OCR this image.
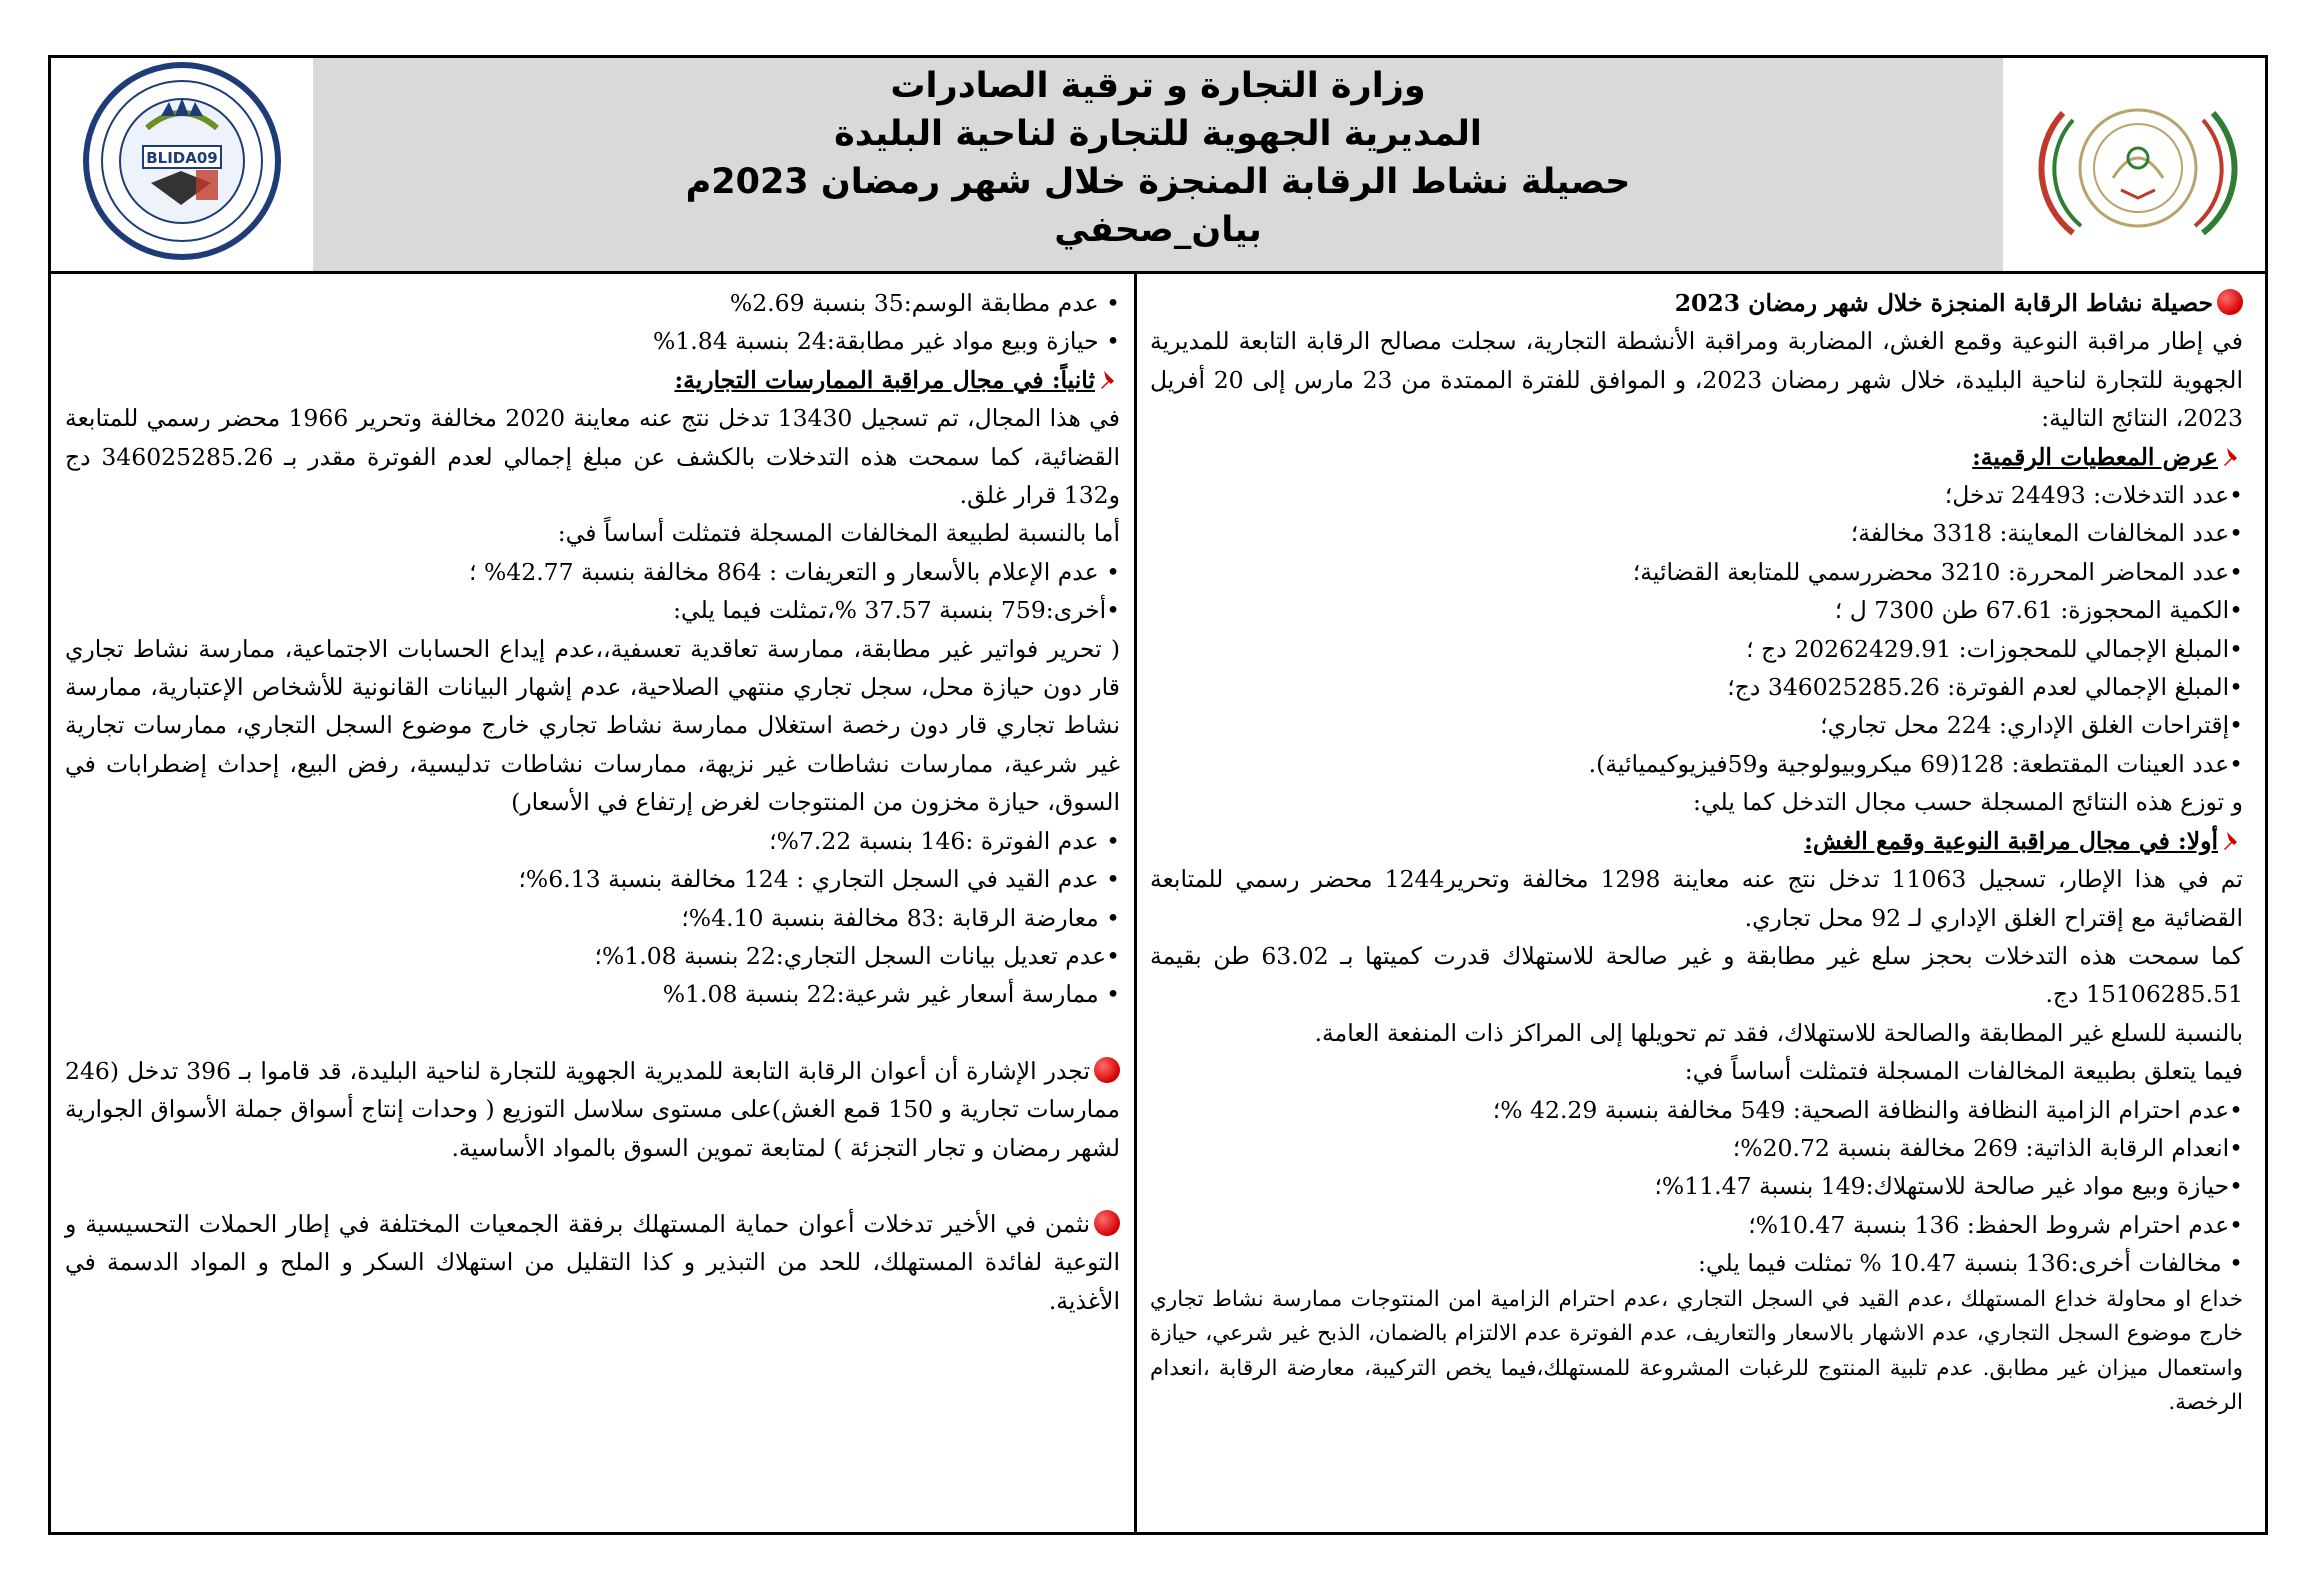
BLIDA09
وزارة التجارة و ترقية الصادرات
المديرية الجهوية للتجارة لناحية البليدة
حصيلة نشاط الرقابة المنجزة خلال شهر رمضان 2023م
بيان_صحفي

حصيلة نشاط الرقابة المنجزة خلال شهر رمضان 2023

في إطار مراقبة النوعية وقمع الغش، المضاربة ومراقبة الأنشطة التجارية، سجلت مصالح الرقابة التابعة للمديرية الجهوية للتجارة لناحية البليدة، خلال شهر رمضان 2023، و الموافق للفترة الممتدة من 23 مارس إلى 20 أفريل 2023، النتائج التالية:

عرض المعطيات الرقمية:

•عدد التدخلات: 24493 تدخل؛

•عدد المخالفات المعاينة: 3318 مخالفة؛

•عدد المحاضر المحررة: 3210 محضررسمي للمتابعة القضائية؛

•الكمية المحجوزة: 67.61 طن 7300 ل ؛

•المبلغ الإجمالي للمحجوزات: 20262429.91 دج ؛

•المبلغ الإجمالي لعدم الفوترة: 346025285.26 دج؛

•إقتراحات الغلق الإداري: 224 محل تجاري؛

•عدد العينات المقتطعة: 128(69 ميكروبيولوجية و59فيزيوكيميائية).

و توزع هذه النتائج المسجلة حسب مجال التدخل كما يلي:

أولا: في مجال مراقبة النوعية وقمع الغش:

تم في هذا الإطار، تسجيل 11063 تدخل نتج عنه معاينة 1298 مخالفة وتحرير1244 محضر رسمي للمتابعة القضائية مع إقتراح الغلق الإداري لـ 92 محل تجاري.

كما سمحت هذه التدخلات بحجز سلع غير مطابقة و غير صالحة للاستهلاك قدرت كميتها بـ 63.02 طن بقيمة 15106285.51 دج.

بالنسبة للسلع غير المطابقة والصالحة للاستهلاك، فقد تم تحويلها إلى المراكز ذات المنفعة العامة.

فيما يتعلق بطبيعة المخالفات المسجلة فتمثلت أساساً في:

•عدم احترام الزامية النظافة والنظافة الصحية: 549 مخالفة بنسبة 42.29 %؛

•انعدام الرقابة الذاتية: 269 مخالفة بنسبة 20.72%؛

•حيازة وبيع مواد غير صالحة للاستهلاك:149 بنسبة 11.47%؛

•عدم احترام شروط الحفظ: 136 بنسبة 10.47%؛

• مخالفات أخرى:136 بنسبة 10.47 % تمثلت فيما يلي:

خداع او محاولة خداع المستهلك ،عدم القيد في السجل التجاري ،عدم احترام الزامية امن المنتوجات ممارسة نشاط تجاري خارج موضوع السجل التجاري، عدم الاشهار بالاسعار والتعاريف، عدم الفوترة عدم الالتزام بالضمان، الذبح غير شرعي، حيازة واستعمال ميزان غير مطابق. عدم تلبية المنتوج للرغبات المشروعة للمستهلك،فيما يخص التركيبة، معارضة الرقابة ،انعدام الرخصة.

• عدم مطابقة الوسم:35 بنسبة 2.69%

• حيازة وبيع مواد غير مطابقة:24 بنسبة 1.84%

ثانياً: في مجال مراقبة الممارسات التجارية:

في هذا المجال، تم تسجيل 13430 تدخل نتج عنه معاينة 2020 مخالفة وتحرير 1966 محضر رسمي للمتابعة القضائية، كما سمحت هذه التدخلات بالكشف عن مبلغ إجمالي لعدم الفوترة مقدر بـ 346025285.26 دج و132 قرار غلق.

أما بالنسبة لطبيعة المخالفات المسجلة فتمثلت أساساً في:

• عدم الإعلام بالأسعار و التعريفات : 864 مخالفة بنسبة 42.77% ؛

•أخرى:759 بنسبة 37.57 %،تمثلت فيما يلي:

( تحرير فواتير غير مطابقة، ممارسة تعاقدية تعسفية،،عدم إيداع الحسابات الاجتماعية، ممارسة نشاط تجاري قار دون حيازة محل، سجل تجاري منتهي الصلاحية، عدم إشهار البيانات القانونية للأشخاص الإعتبارية، ممارسة نشاط تجاري قار دون رخصة استغلال ممارسة نشاط تجاري خارج موضوع السجل التجاري، ممارسات تجارية غير شرعية، ممارسات نشاطات غير نزيهة، ممارسات نشاطات تدليسية، رفض البيع، إحداث إضطرابات في السوق، حيازة مخزون من المنتوجات لغرض إرتفاع في الأسعار)

• عدم الفوترة :146 بنسبة 7.22%؛

• عدم القيد في السجل التجاري : 124 مخالفة بنسبة 6.13%؛

• معارضة الرقابة :83 مخالفة بنسبة 4.10%؛

•عدم تعديل بيانات السجل التجاري:22 بنسبة 1.08%؛

• ممارسة أسعار غير شرعية:22 بنسبة 1.08%

تجدر الإشارة أن أعوان الرقابة التابعة للمديرية الجهوية للتجارة لناحية البليدة، قد قاموا بـ 396 تدخل (246 ممارسات تجارية و 150 قمع الغش)على مستوى سلاسل التوزيع ( وحدات إنتاج أسواق جملة الأسواق الجوارية لشهر رمضان و تجار التجزئة ) لمتابعة تموين السوق بالمواد الأساسية.

نثمن في الأخير تدخلات أعوان حماية المستهلك برفقة الجمعيات المختلفة في إطار الحملات التحسيسية و التوعية لفائدة المستهلك، للحد من التبذير و كذا التقليل من استهلاك السكر و الملح و المواد الدسمة في الأغذية.
